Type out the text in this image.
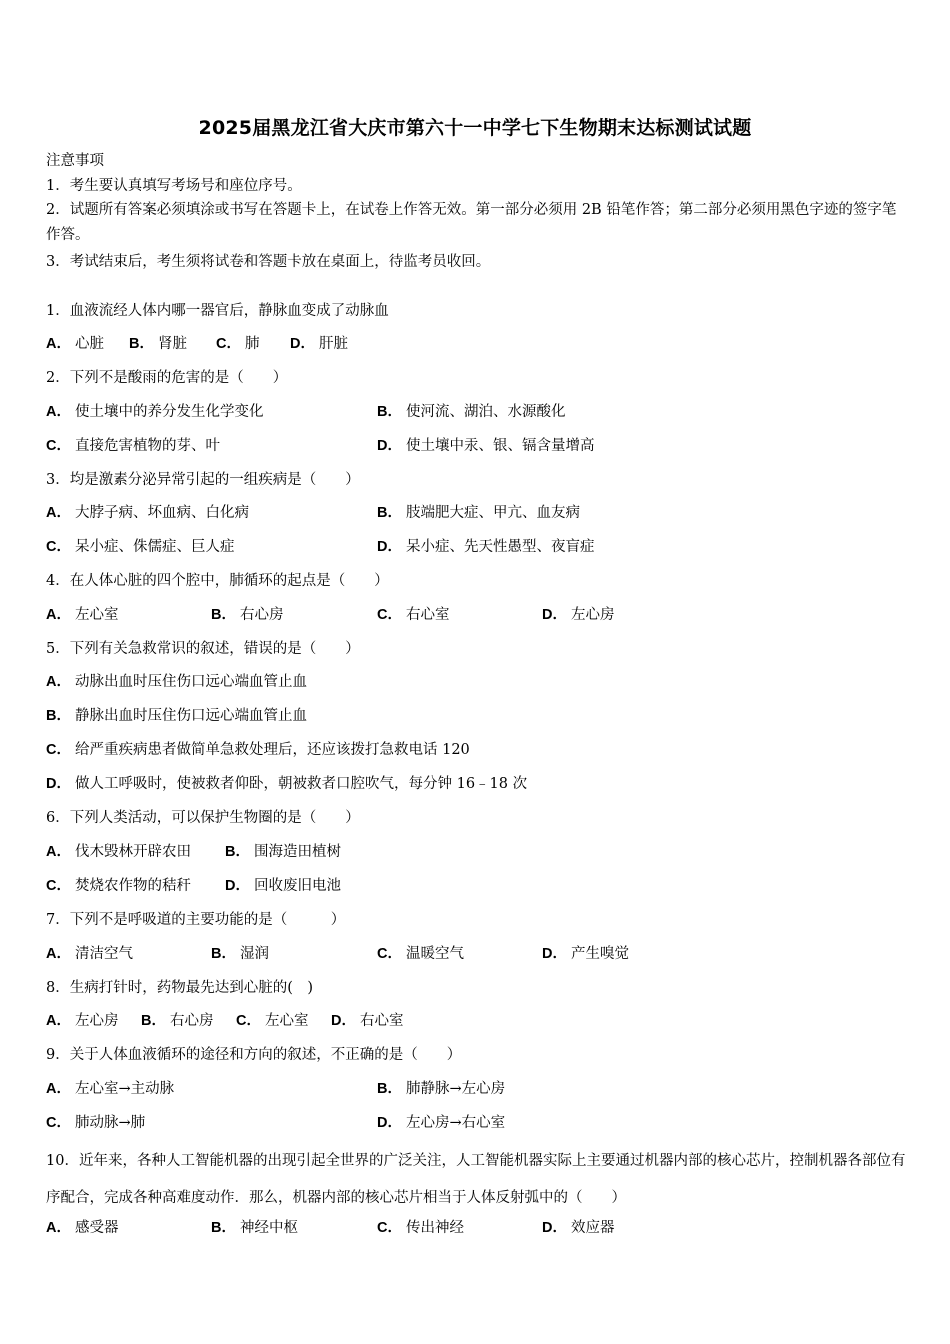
2025届黑龙江省大庆市第六十一中学七下生物期末达标测试试题
注意事项
1．考生要认真填写考场号和座位序号。
2．试题所有答案必须填涂或书写在答题卡上，在试卷上作答无效。第一部分必须用 2B 铅笔作答；第二部分必须用黑色字迹的签字笔作答。
3．考试结束后，考生须将试卷和答题卡放在桌面上，待监考员收回。
1．血液流经人体内哪一器官后，静脉血变成了动脉血
A． 心脏 B． 肾脏 C． 肺 D． 肝脏
2．下列不是酸雨的危害的是（　　）
A． 使土壤中的养分发生化学变化	B． 使河流、湖泊、水源酸化
C． 直接危害植物的芽、叶	D． 使土壤中汞、银、镉含量增高
3．均是激素分泌异常引起的一组疾病是（　　）
A． 大脖子病、坏血病、白化病	B． 肢端肥大症、甲亢、血友病
C． 呆小症、侏儒症、巨人症	D． 呆小症、先天性愚型、夜盲症
4．在人体心脏的四个腔中，肺循环的起点是（　　）
A． 左心室	B． 右心房	C． 右心室	D． 左心房
5．下列有关急救常识的叙述，错误的是（　　）
A． 动脉出血时压住伤口远心端血管止血
B． 静脉出血时压住伤口远心端血管止血
C． 给严重疾病患者做简单急救处理后，还应该拨打急救电话 120
D． 做人工呼吸时，使被救者仰卧，朝被救者口腔吹气，每分钟 16﹣18 次
6．下列人类活动，可以保护生物圈的是（　　）
A． 伐木毁林开辟农田 B． 围海造田植树
C． 焚烧农作物的秸秆 D． 回收废旧电池
7．下列不是呼吸道的主要功能的是（　　　）
A． 清洁空气	B． 湿润	C． 温暖空气	D． 产生嗅觉
8．生病打针时，药物最先达到心脏的(　)
A． 左心房 B． 右心房 C． 左心室 D． 右心室
9．关于人体血液循环的途径和方向的叙述，不正确的是（　　）
A． 左心室→主动脉	B． 肺静脉→左心房
C． 肺动脉→肺	D． 左心房→右心室
10．近年来，各种人工智能机器的出现引起全世界的广泛关注，人工智能机器实际上主要通过机器内部的核心芯片，控制机器各部位有序配合，完成各种高难度动作．那么，机器内部的核心芯片相当于人体反射弧中的（　　）
A． 感受器	B． 神经中枢	C． 传出神经	D． 效应器
